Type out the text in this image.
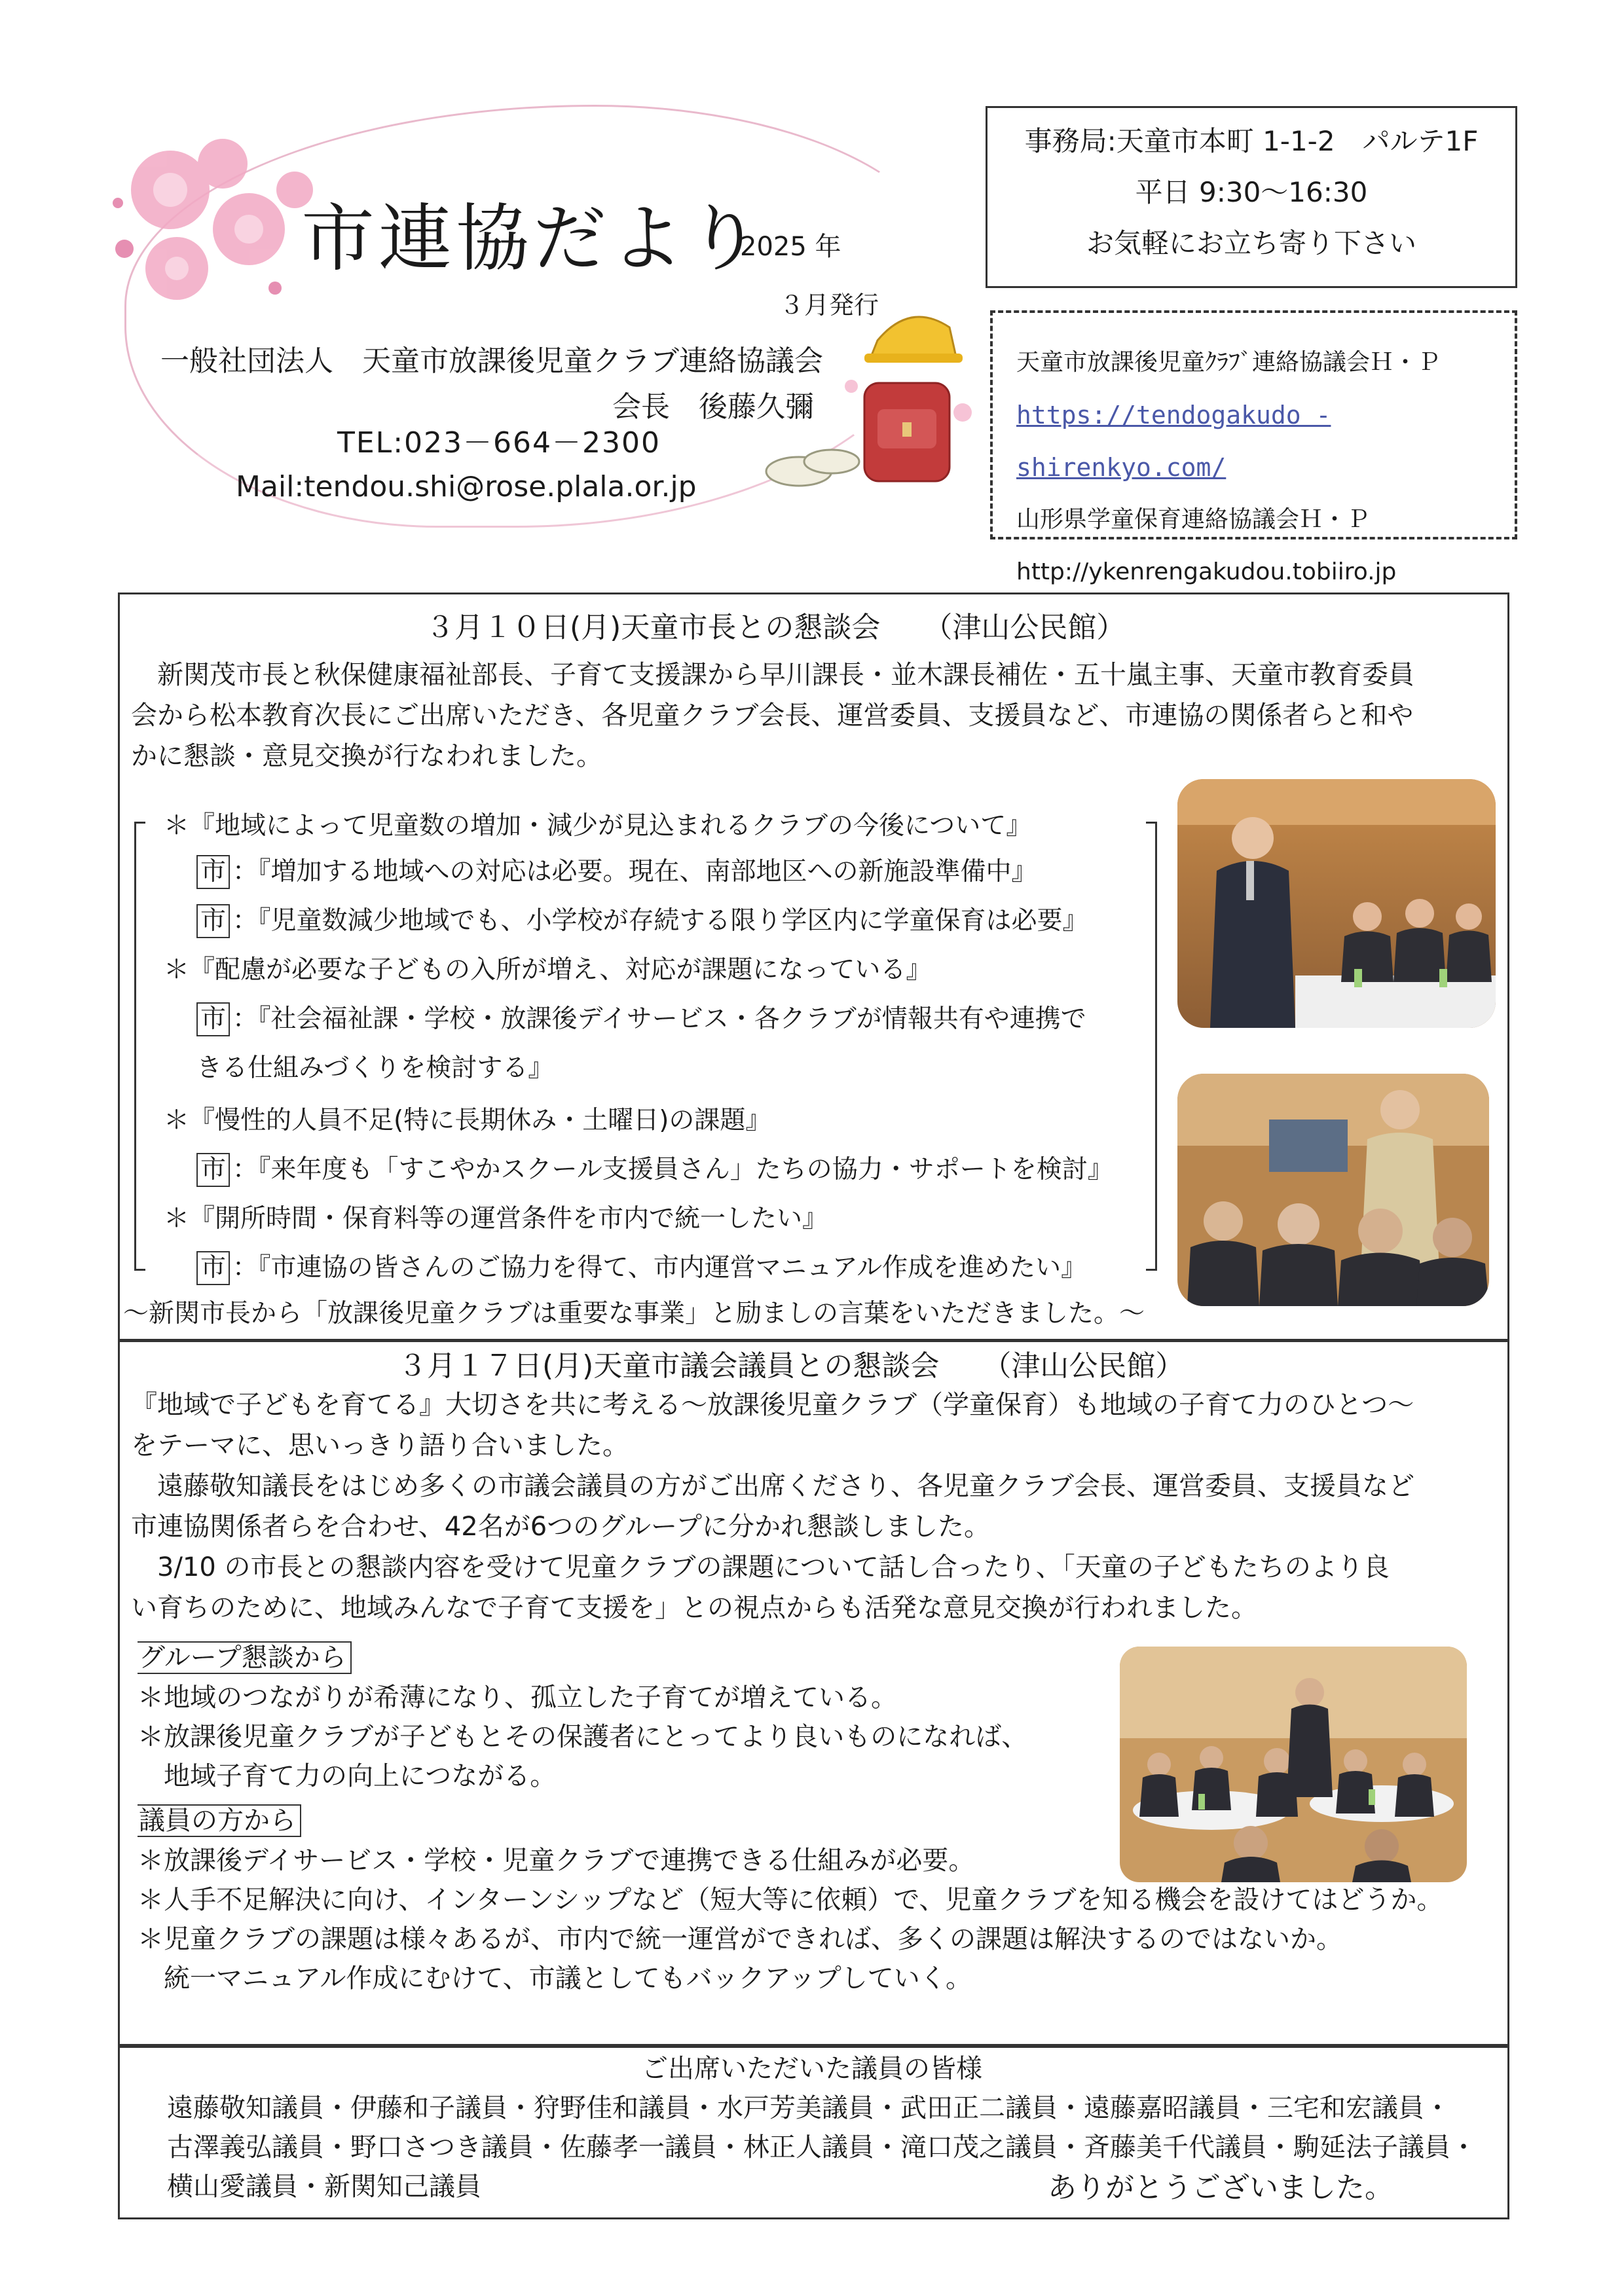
市連協だより
2025 年
３月発行
一般社団法人　天童市放課後児童クラブ連絡協議会
会長　後藤久彌
TEL:023－664－2300
Mail:tendou.shi@rose.plala.or.jp
事務局:天童市本町 1-1-2　パルテ1F
平日 9:30～16:30
お気軽にお立ち寄り下さい
天童市放課後児童ｸﾗﾌﾞ連絡協議会Ｈ・Ｐ
https://tendogakudo - shirenkyo.com/
山形県学童保育連絡協議会Ｈ・Ｐ
http://ykenrengakudou.tobiiro.jp
３月１０日(月)天童市長との懇談会　　（津山公民館）
　新関茂市長と秋保健康福祉部長、子育て支援課から早川課長・並木課長補佐・五十嵐主事、天童市教育委員
会から松本教育次長にご出席いただき、各児童クラブ会長、運営委員、支援員など、市連協の関係者らと和や
かに懇談・意見交換が行なわれました。
＊『地域によって児童数の増加・減少が見込まれるクラブの今後について』
市 ：『増加する地域への対応は必要。現在、南部地区への新施設準備中』
市 ：『児童数減少地域でも、小学校が存続する限り学区内に学童保育は必要』
＊『配慮が必要な子どもの入所が増え、対応が課題になっている』
市 ：『社会福祉課・学校・放課後デイサービス・各クラブが情報共有や連携で
きる仕組みづくりを検討する』
＊『慢性的人員不足(特に長期休み・土曜日)の課題』
市 ：『来年度も「すこやかスクール支援員さん」たちの協力・サポートを検討』
＊『開所時間・保育料等の運営条件を市内で統一したい』
市 ：『市連協の皆さんのご協力を得て、市内運営マニュアル作成を進めたい』
～新関市長から「放課後児童クラブは重要な事業」と励ましの言葉をいただきました。～
３月１７日(月)天童市議会議員との懇談会　　（津山公民館）
『地域で子どもを育てる』大切さを共に考える～放課後児童クラブ（学童保育）も地域の子育て力のひとつ～
をテーマに、思いっきり語り合いました。
　遠藤敬知議長をはじめ多くの市議会議員の方がご出席くださり、各児童クラブ会長、運営委員、支援員など
市連協関係者らを合わせ、42名が6つのグループに分かれ懇談しました。
　3/10 の市長との懇談内容を受けて児童クラブの課題について話し合ったり、「天童の子どもたちのより良
い育ちのために、地域みんなで子育て支援を」との視点からも活発な意見交換が行われました。
グループ懇談から
＊地域のつながりが希薄になり、孤立した子育てが増えている。
＊放課後児童クラブが子どもとその保護者にとってより良いものになれば、
　地域子育て力の向上につながる。
議員の方から
＊放課後デイサービス・学校・児童クラブで連携できる仕組みが必要。
＊人手不足解決に向け、インターンシップなど（短大等に依頼）で、児童クラブを知る機会を設けてはどうか。
＊児童クラブの課題は様々あるが、市内で統一運営ができれば、多くの課題は解決するのではないか。
　統一マニュアル作成にむけて、市議としてもバックアップしていく。
ご出席いただいた議員の皆様
遠藤敬知議員・伊藤和子議員・狩野佳和議員・水戸芳美議員・武田正二議員・遠藤嘉昭議員・三宅和宏議員・
古澤義弘議員・野口さつき議員・佐藤孝一議員・林正人議員・滝口茂之議員・斉藤美千代議員・駒延法子議員・
横山愛議員・新関知己議員	ありがとうございました。
